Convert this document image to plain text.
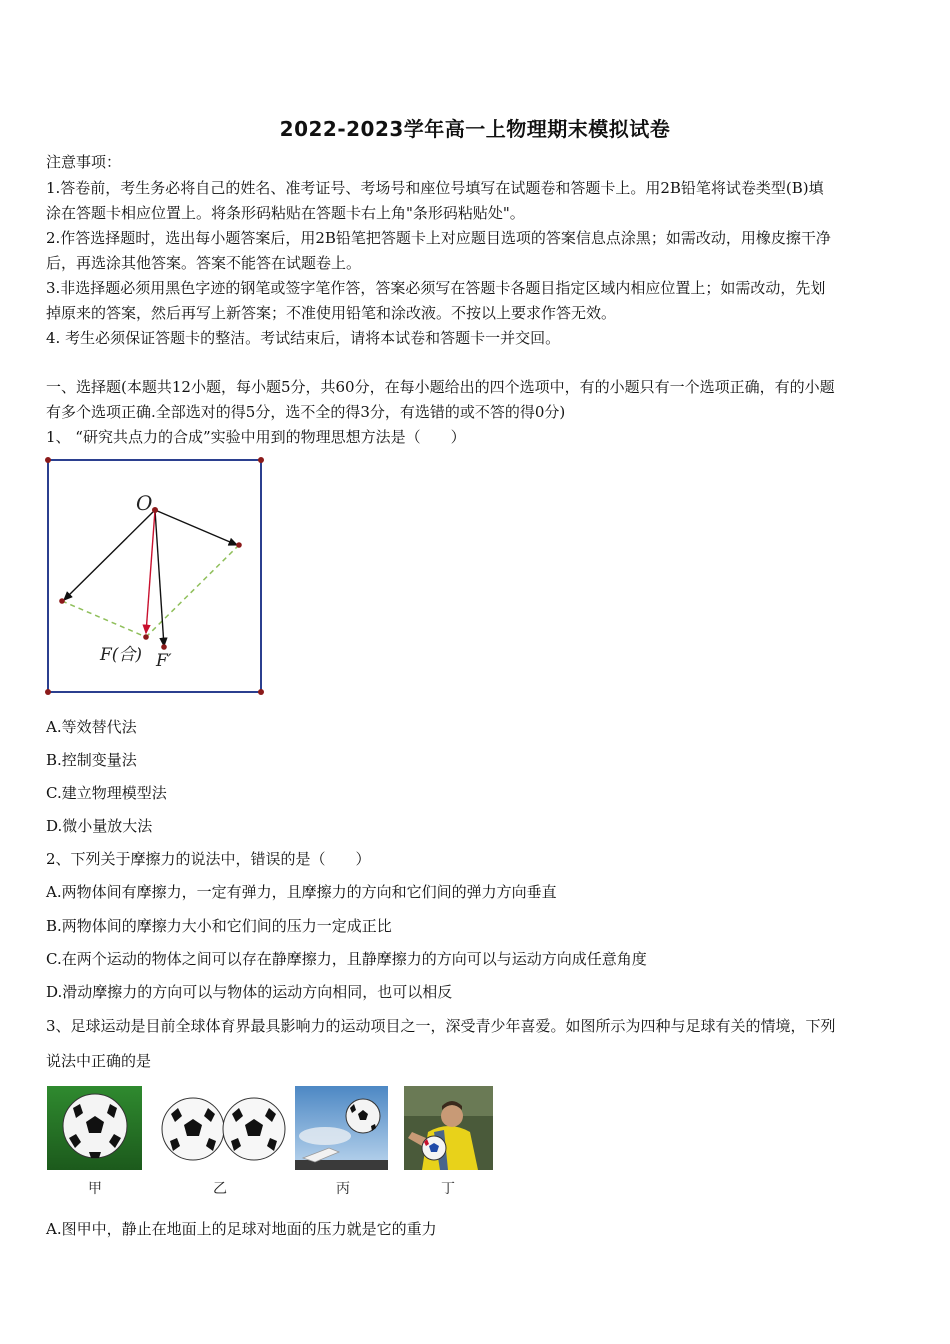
2022-2023学年高一上物理期末模拟试卷
注意事项：
1.答卷前，考生务必将自己的姓名、准考证号、考场号和座位号填写在试题卷和答题卡上。用2B铅笔将试卷类型(B)填
涂在答题卡相应位置上。将条形码粘贴在答题卡右上角"条形码粘贴处"。
2.作答选择题时，选出每小题答案后，用2B铅笔把答题卡上对应题目选项的答案信息点涂黑；如需改动，用橡皮擦干净
后，再选涂其他答案。答案不能答在试题卷上。
3.非选择题必须用黑色字迹的钢笔或签字笔作答，答案必须写在答题卡各题目指定区域内相应位置上；如需改动，先划
掉原来的答案，然后再写上新答案；不准使用铅笔和涂改液。不按以上要求作答无效。
4. 考生必须保证答题卡的整洁。考试结束后，请将本试卷和答题卡一并交回。
一、选择题(本题共12小题，每小题5分，共60分，在每小题给出的四个选项中，有的小题只有一个选项正确，有的小题
有多个选项正确.全部选对的得5分，选不全的得3分，有选错的或不答的得0分)
1、 “研究共点力的合成”实验中用到的物理思想方法是（　　）
O
F(合) F′
A.等效替代法
B.控制变量法
C.建立物理模型法
D.微小量放大法
2、下列关于摩擦力的说法中，错误的是（　　）
A.两物体间有摩擦力，一定有弹力，且摩擦力的方向和它们间的弹力方向垂直
B.两物体间的摩擦力大小和它们间的压力一定成正比
C.在两个运动的物体之间可以存在静摩擦力，且静摩擦力的方向可以与运动方向成任意角度
D.滑动摩擦力的方向可以与物体的运动方向相同，也可以相反
3、足球运动是目前全球体育界最具影响力的运动项目之一，深受青少年喜爱。如图所示为四种与足球有关的情境，下列
说法中正确的是
甲	乙	丙	丁
A.图甲中，静止在地面上的足球对地面的压力就是它的重力
